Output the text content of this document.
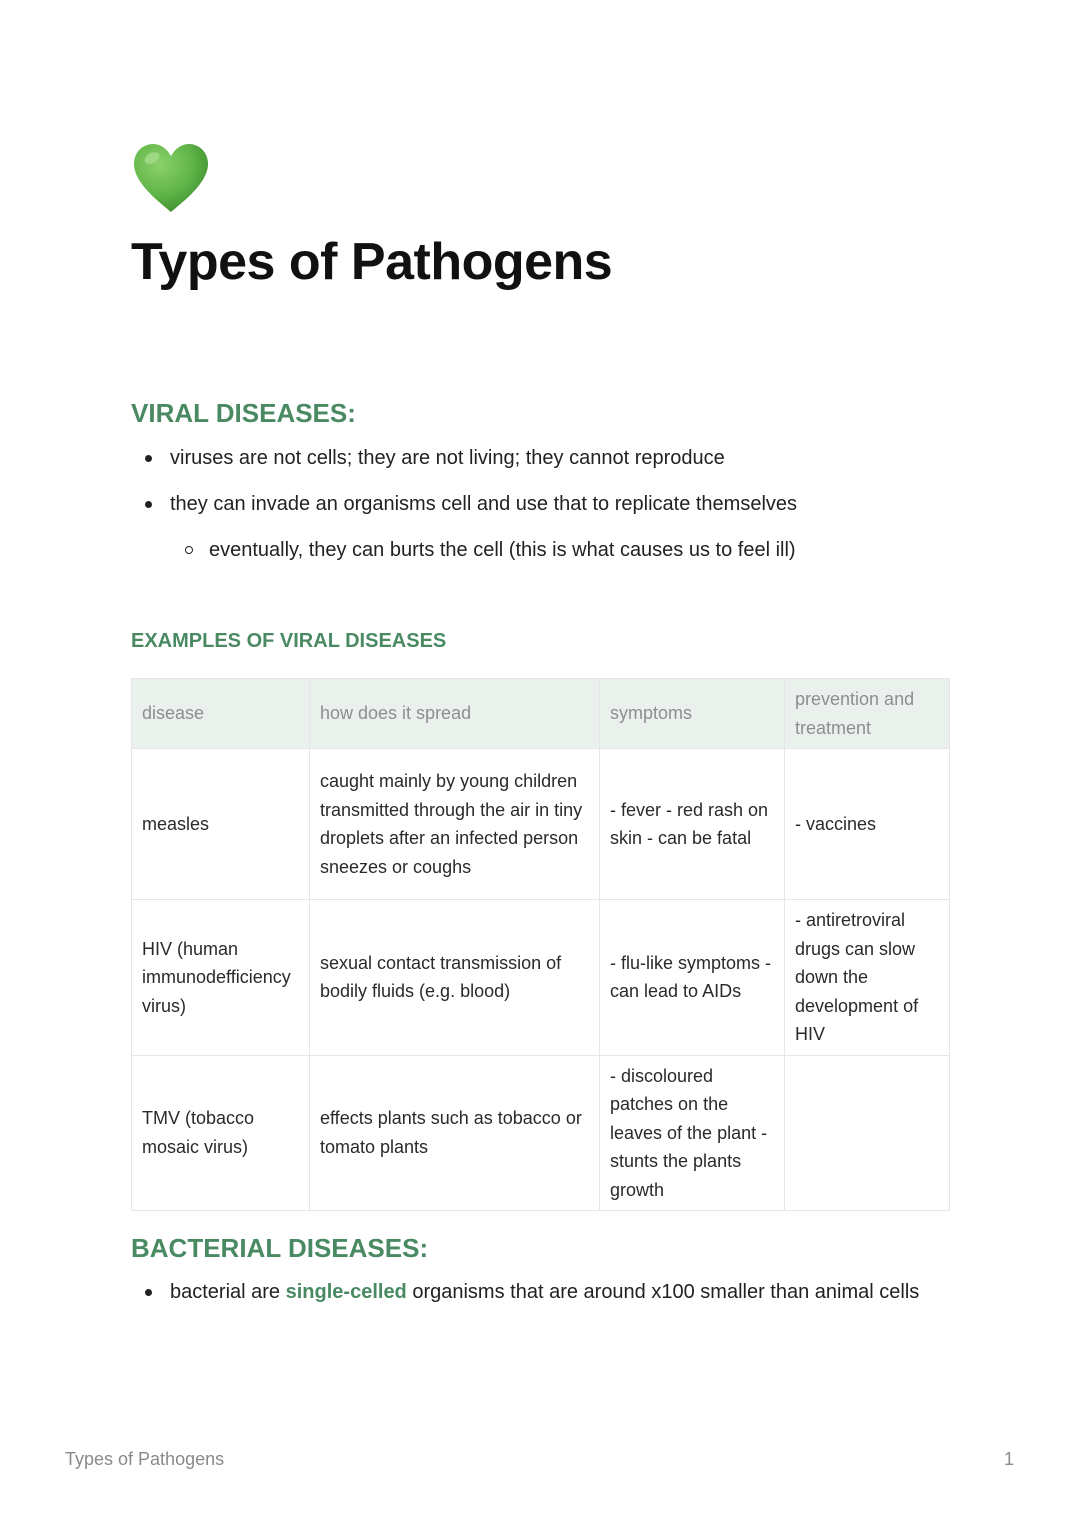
Types of Pathogens
VIRAL DISEASES:
viruses are not cells; they are not living; they cannot reproduce
they can invade an organisms cell and use that to replicate themselves
eventually, they can burts the cell (this is what causes us to feel ill)
EXAMPLES OF VIRAL DISEASES
disease	how does it spread	symptoms	prevention and treatment
measles	caught mainly by young children transmitted through the air in tiny droplets after an infected person sneezes or coughs	- fever - red rash on skin - can be fatal	- vaccines
HIV (human immunodefficiency virus)	sexual contact transmission of bodily fluids (e.g. blood)	- flu-like symptoms - can lead to AIDs	- antiretroviral drugs can slow down the development of HIV
TMV (tobacco mosaic virus)	effects plants such as tobacco or tomato plants	- discoloured patches on the leaves of the plant - stunts the plants growth	
BACTERIAL DISEASES:
bacterial are single-celled organisms that are around x100 smaller than animal cells
Types of Pathogens	1
